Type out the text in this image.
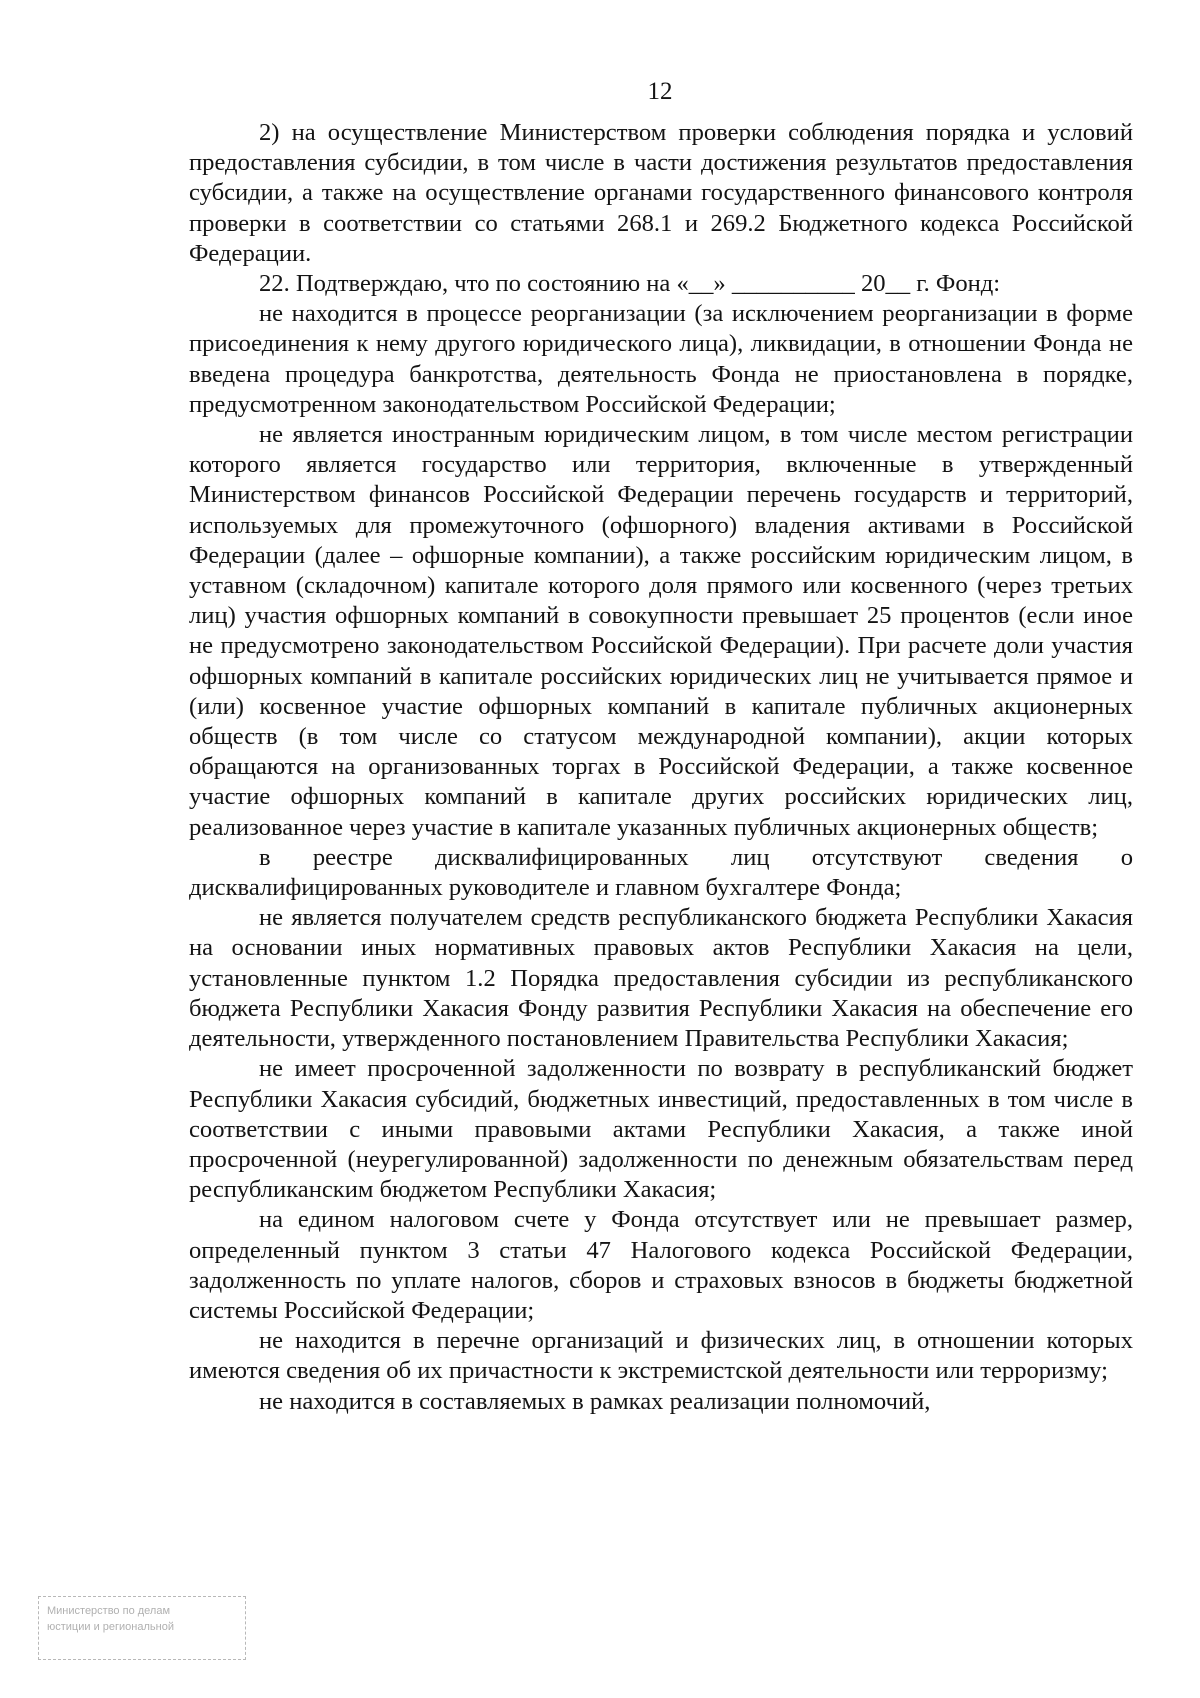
12

2) на осуществление Министерством проверки соблюдения порядка и условий предоставления субсидии, в том числе в части достижения результатов предоставления субсидии, а также на осуществление органами государственного финансового контроля проверки в соответствии со статьями 268.1 и 269.2 Бюджетного кодекса Российской Федерации.

22. Подтверждаю, что по состоянию на «__» __________ 20__ г. Фонд:

не находится в процессе реорганизации (за исключением реорганизации в форме присоединения к нему другого юридического лица), ликвидации, в отношении Фонда не введена процедура банкротства, деятельность Фонда не приостановлена в порядке, предусмотренном законодательством Российской Федерации;

не является иностранным юридическим лицом, в том числе местом регистрации которого является государство или территория, включенные в утвержденный Министерством финансов Российской Федерации перечень государств и территорий, используемых для промежуточного (офшорного) владения активами в Российской Федерации (далее – офшорные компании), а также российским юридическим лицом, в уставном (складочном) капитале которого доля прямого или косвенного (через третьих лиц) участия офшорных компаний в совокупности превышает 25 процентов (если иное не предусмотрено законодательством Российской Федерации). При расчете доли участия офшорных компаний в капитале российских юридических лиц не учитывается прямое и (или) косвенное участие офшорных компаний в капитале публичных акционерных обществ (в том числе со статусом международной компании), акции которых обращаются на организованных торгах в Российской Федерации, а также косвенное участие офшорных компаний в капитале других российских юридических лиц, реализованное через участие в капитале указанных публичных акционерных обществ;

в реестре дисквалифицированных лиц отсутствуют сведения о дисквалифицированных руководителе и главном бухгалтере Фонда;

не является получателем средств республиканского бюджета Республики Хакасия на основании иных нормативных правовых актов Республики Хакасия на цели, установленные пунктом 1.2 Порядка предоставления субсидии из республиканского бюджета Республики Хакасия Фонду развития Республики Хакасия на обеспечение его деятельности, утвержденного постановлением Правительства Республики Хакасия;

не имеет просроченной задолженности по возврату в республиканский бюджет Республики Хакасия субсидий, бюджетных инвестиций, предоставленных в том числе в соответствии с иными правовыми актами Республики Хакасия, а также иной просроченной (неурегулированной) задолженности по денежным обязательствам перед республиканским бюджетом Республики Хакасия;

на едином налоговом счете у Фонда отсутствует или не превышает размер, определенный пунктом 3 статьи 47 Налогового кодекса Российской Федерации, задолженность по уплате налогов, сборов и страховых взносов в бюджеты бюджетной системы Российской Федерации;

не находится в перечне организаций и физических лиц, в отношении которых имеются сведения об их причастности к экстремистской деятельности или терроризму;

не находится в составляемых в рамках реализации полномочий,

Министерство по делам
юстиции и региональной
